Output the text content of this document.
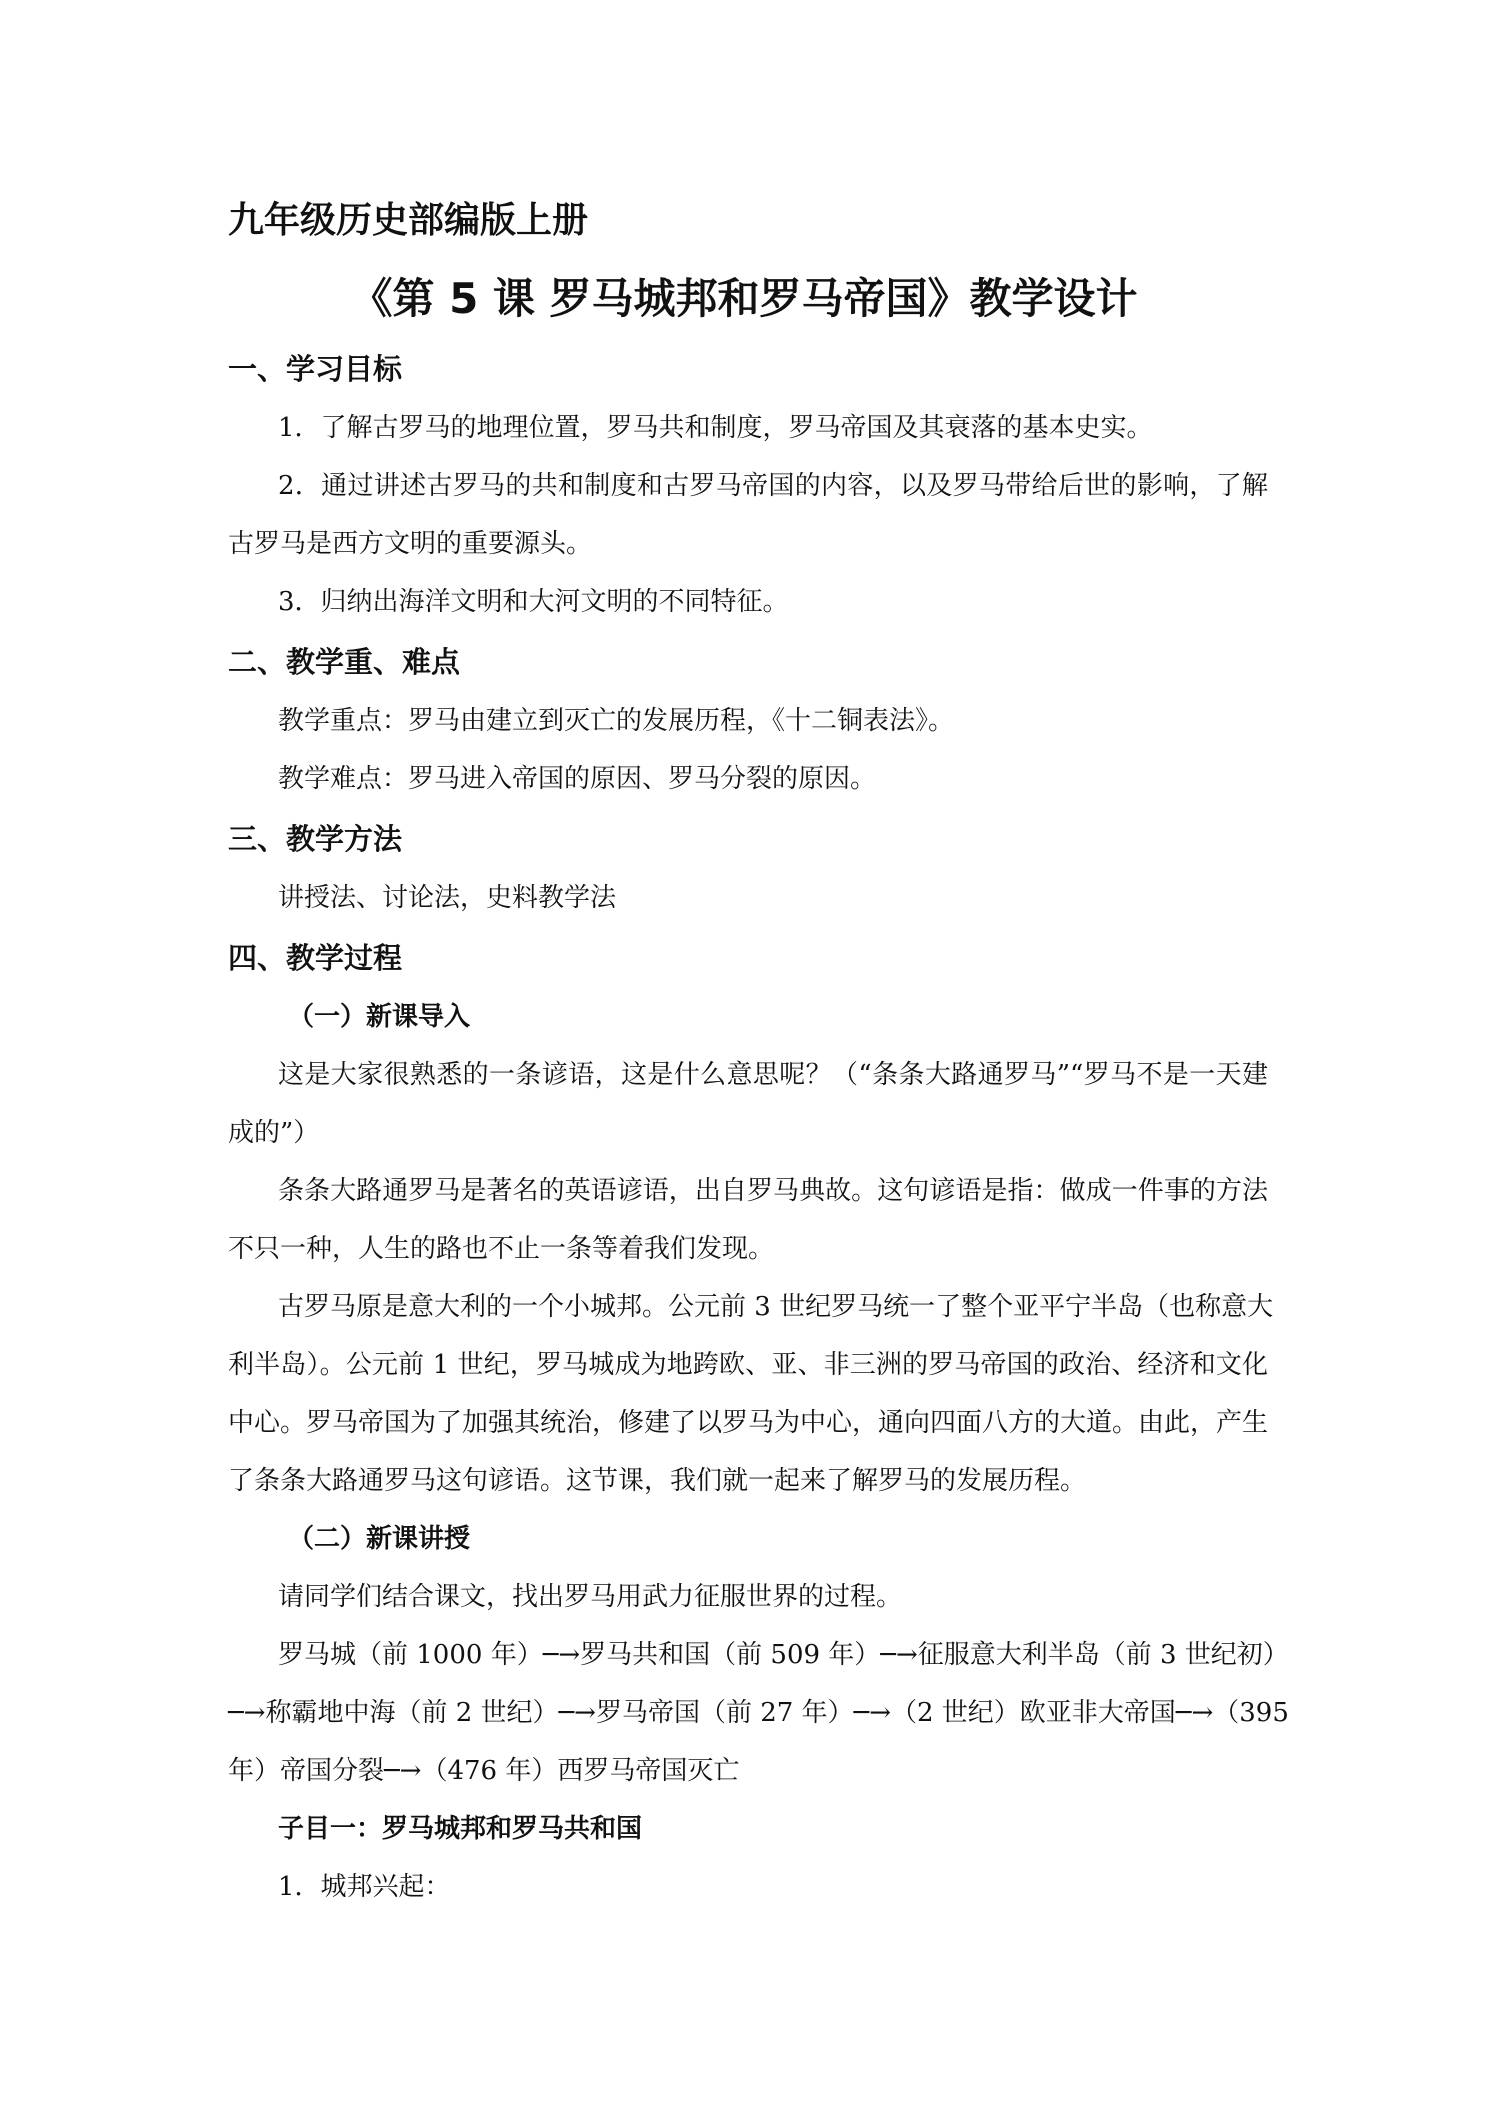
九年级历史部编版上册
《第 5 课 罗马城邦和罗马帝国》教学设计
一、学习目标
1．了解古罗马的地理位置，罗马共和制度，罗马帝国及其衰落的基本史实。
2．通过讲述古罗马的共和制度和古罗马帝国的内容，以及罗马带给后世的影响，了解
古罗马是西方文明的重要源头。
3．归纳出海洋文明和大河文明的不同特征。
二、教学重、难点
教学重点：罗马由建立到灭亡的发展历程，《十二铜表法》。
教学难点：罗马进入帝国的原因、罗马分裂的原因。
三、教学方法
讲授法、讨论法，史料教学法
四、教学过程
（一）新课导入
这是大家很熟悉的一条谚语，这是什么意思呢？（“条条大路通罗马”“罗马不是一天建
成的”）
条条大路通罗马是著名的英语谚语，出自罗马典故。这句谚语是指：做成一件事的方法
不只一种，人生的路也不止一条等着我们发现。
古罗马原是意大利的一个小城邦。公元前 3 世纪罗马统一了整个亚平宁半岛（也称意大
利半岛）。公元前 1 世纪，罗马城成为地跨欧、亚、非三洲的罗马帝国的政治、经济和文化
中心。罗马帝国为了加强其统治，修建了以罗马为中心，通向四面八方的大道。由此，产生
了条条大路通罗马这句谚语。这节课，我们就一起来了解罗马的发展历程。
（二）新课讲授
请同学们结合课文，找出罗马用武力征服世界的过程。
罗马城（前 1000 年）─→罗马共和国（前 509 年）─→征服意大利半岛（前 3 世纪初）
─→称霸地中海（前 2 世纪）─→罗马帝国（前 27 年）─→（2 世纪）欧亚非大帝国─→（395
年）帝国分裂─→（476 年）西罗马帝国灭亡
子目一：罗马城邦和罗马共和国
1．城邦兴起：
